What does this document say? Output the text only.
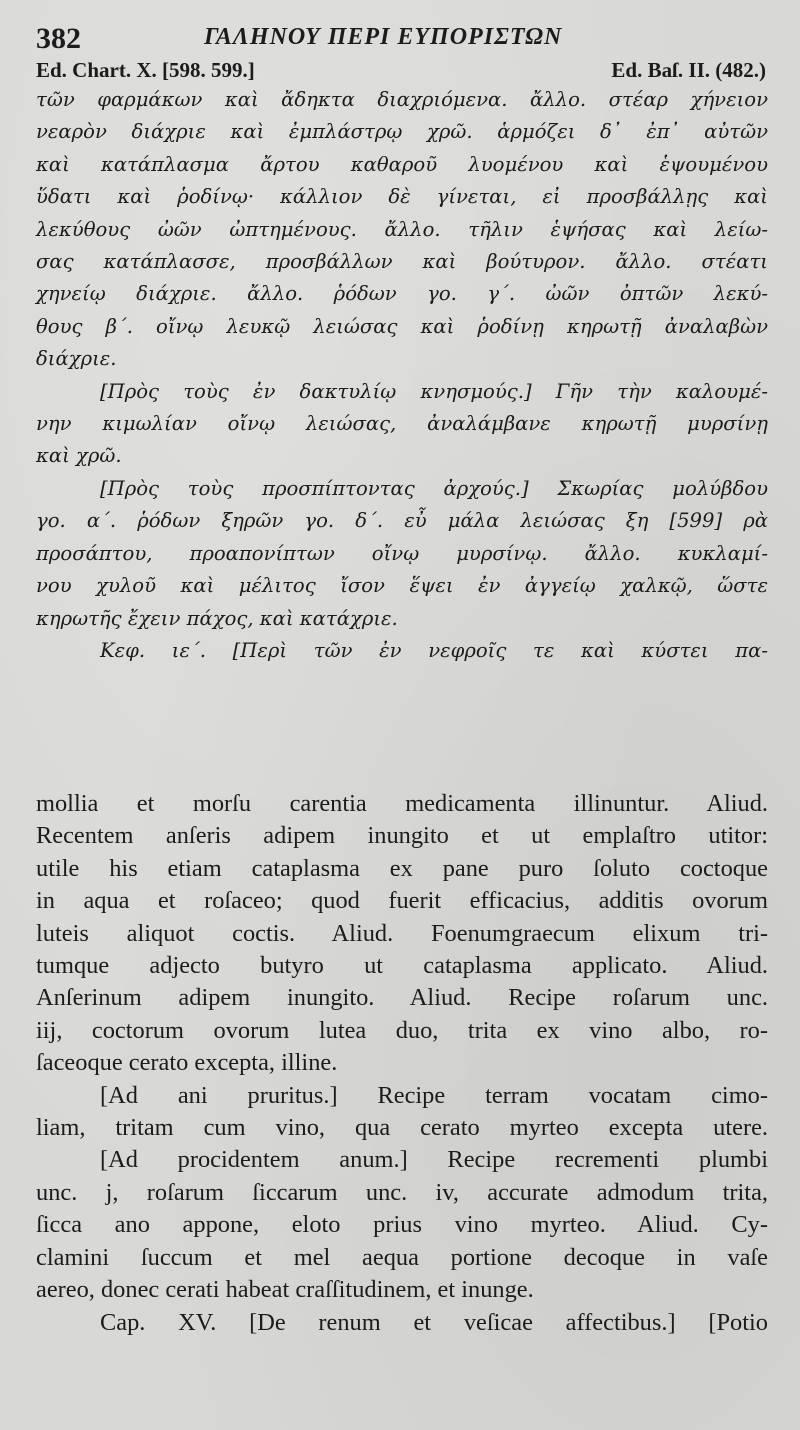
382	ΓΑΛΗΝΟΥ ΠΕΡΙ ΕΥΠΟΡΙΣΤΩΝ
Ed. Chart. X. [598. 599.]	Ed. Baſ. II. (482.)
τῶν φαρμάκων καὶ ἄδηκτα διαχριόμενα. ἄλλο. στέαρ χήνειον
νεαρὸν διάχριε καὶ ἐμπλάστρῳ χρῶ. ἁρμόζει δ᾽ ἐπ᾽ αὐτῶν
καὶ κατάπλασμα ἄρτου καθαροῦ λυομένου καὶ ἑψουμένου
ὕδατι καὶ ῥοδίνῳ· κάλλιον δὲ γίνεται, εἰ προσβάλλῃς καὶ
λεκύθους ὠῶν ὠπτημένους. ἄλλο. τῆλιν ἑψήσας καὶ λείω-
σας κατάπλασσε, προσβάλλων καὶ βούτυρον. ἄλλο. στέατι
χηνείῳ διάχριε. ἄλλο. ῥόδων γο. γ΄. ὠῶν ὀπτῶν λεκύ-
θους β΄. οἴνῳ λευκῷ λειώσας καὶ ῥοδίνῃ κηρωτῇ ἀναλαβὼν
διάχριε.
[Πρὸς τοὺς ἐν δακτυλίῳ κνησμούς.] Γῆν τὴν καλουμέ-
νην κιμωλίαν οἴνῳ λειώσας, ἀναλάμβανε κηρωτῇ μυρσίνῃ
καὶ χρῶ.
[Πρὸς τοὺς προσπίπτοντας ἀρχούς.] Σκωρίας μολύβδου
γο. α΄. ῥόδων ξηρῶν γο. δ΄. εὖ μάλα λειώσας ξη [599] ρὰ
προσάπτου, προαπονίπτων οἴνῳ μυρσίνῳ. ἄλλο. κυκλαμί-
νου χυλοῦ καὶ μέλιτος ἴσον ἕψει ἐν ἀγγείῳ χαλκῷ, ὥστε
κηρωτῆς ἔχειν πάχος, καὶ κατάχριε.
Κεφ. ιε΄. [Περὶ τῶν ἐν νεφροῖς τε καὶ κύστει πα-
mollia et morſu carentia medicamenta illinuntur. Aliud.
Recentem anſeris adipem inungito et ut emplaſtro utitor:
utile his etiam cataplasma ex pane puro ſoluto coctoque
in aqua et roſaceo; quod fuerit efficacius, additis ovorum
luteis aliquot coctis. Aliud. Foenumgraecum elixum tri-
tumque adjecto butyro ut cataplasma applicato. Aliud.
Anſerinum adipem inungito. Aliud. Recipe roſarum unc.
iij, coctorum ovorum lutea duo, trita ex vino albo, ro-
ſaceoque cerato excepta, illine.
[Ad ani pruritus.] Recipe terram vocatam cimo-
liam, tritam cum vino, qua cerato myrteo excepta utere.
[Ad procidentem anum.] Recipe recrementi plumbi
unc. j, roſarum ſiccarum unc. iv, accurate admodum trita,
ſicca ano appone, eloto prius vino myrteo. Aliud. Cy-
clamini ſuccum et mel aequa portione decoque in vaſe
aereo, donec cerati habeat craſſitudinem, et inunge.
Cap. XV. [De renum et veſicae affectibus.] [Potio
